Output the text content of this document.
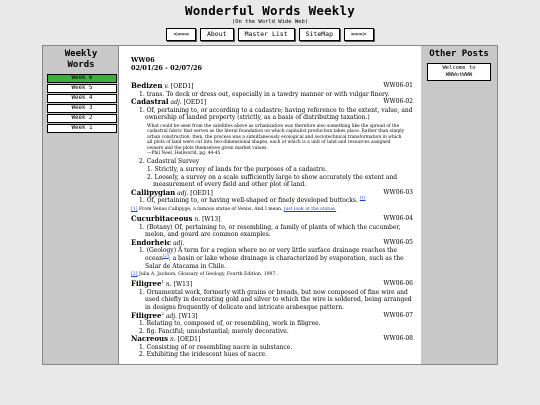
Wonderful Words Weekly
(On the World Wide Web)
<===	About	Master List	SiteMap	===>
Weekly
Words
Week 6
Week 5
Week 4
Week 3
Week 2
Week 1
WW06
02/01/26 - 02/07/26
WW06-01
Bedizen v. [OED1]
1. trans. To deck or dress out, especially in a tawdry manner or with vulgar finery.
WW06-02
Cadastral adj. [OED1]
1. Of, pertaining to, or according to a cadastre; having reference to the extent, value, and ownership of landed property (strictly, as a basis of distributing taxation.)
What could be seen from the satellites above as urbanisation was therefore also something like the spread of the cadastral fabric that serves as the literal foundation on which capitalist production takes place. Rather than simply urban construction, then, the process was a simultaneously ecological and sociotechnical transformation in which all plots of land were cut into two-dimensional shapes, each of which is a unit of land and resources assigned owners and the plots themselves given market values.
—Phil Neel, Hellworld, pg. 44-45
2. Cadastral Survey
1. Strictly, a survey of lands for the purposes of a cadastre.
2. Loosely, a survey on a scale sufficiently large to show accurately the extent and measurement of every field and other plot of land.
WW06-03
Callipygian adj. [OED1]
1. Of, pertaining to, or having well-shaped or finely developed buttocks. [1]
[1] From Venus Callipyge, a famous statue of Venus. And I mean, just look at the statue.
WW06-04
Cucurbitaceous n. [W13]
1. (Botany) Of, pertaining to, or resembling, a family of plants of which the cucumber, melon, and gourd are common examples.
WW06-05
Endorheic adj.
1. (Geology) A term for a region where no or very little surface drainage reaches the ocean[2]; a basin or lake whose drainage is characterized by evaporation, such as the Salar de Atacama in Chile.
[2] Julia A. Jackson, Glossary of Geology, Fourth Edition, 1997.
WW06-06
Filigree$^1$ n. [W13]
1. Ornamental work, formerly with grains or breads, but now composed of fine wire and used chiefly in decorating gold and silver to which the wire is soldered, being arranged in designs frequently of delicate and intricate arabesque pattern.
WW06-07
Filigree$^2$ adj. [W13]
1. Relating to, composed of, or resembling, work in filigree.
2. fig. Fanciful; unsubstantial; merely decorative.
WW06-08
Nacreous n. [OED1]
1. Consisting of or resembling nacre in substance.
2. Exhibiting the iridescent hues of nacre.
Other Posts
Welcome to
WWWotWWW
